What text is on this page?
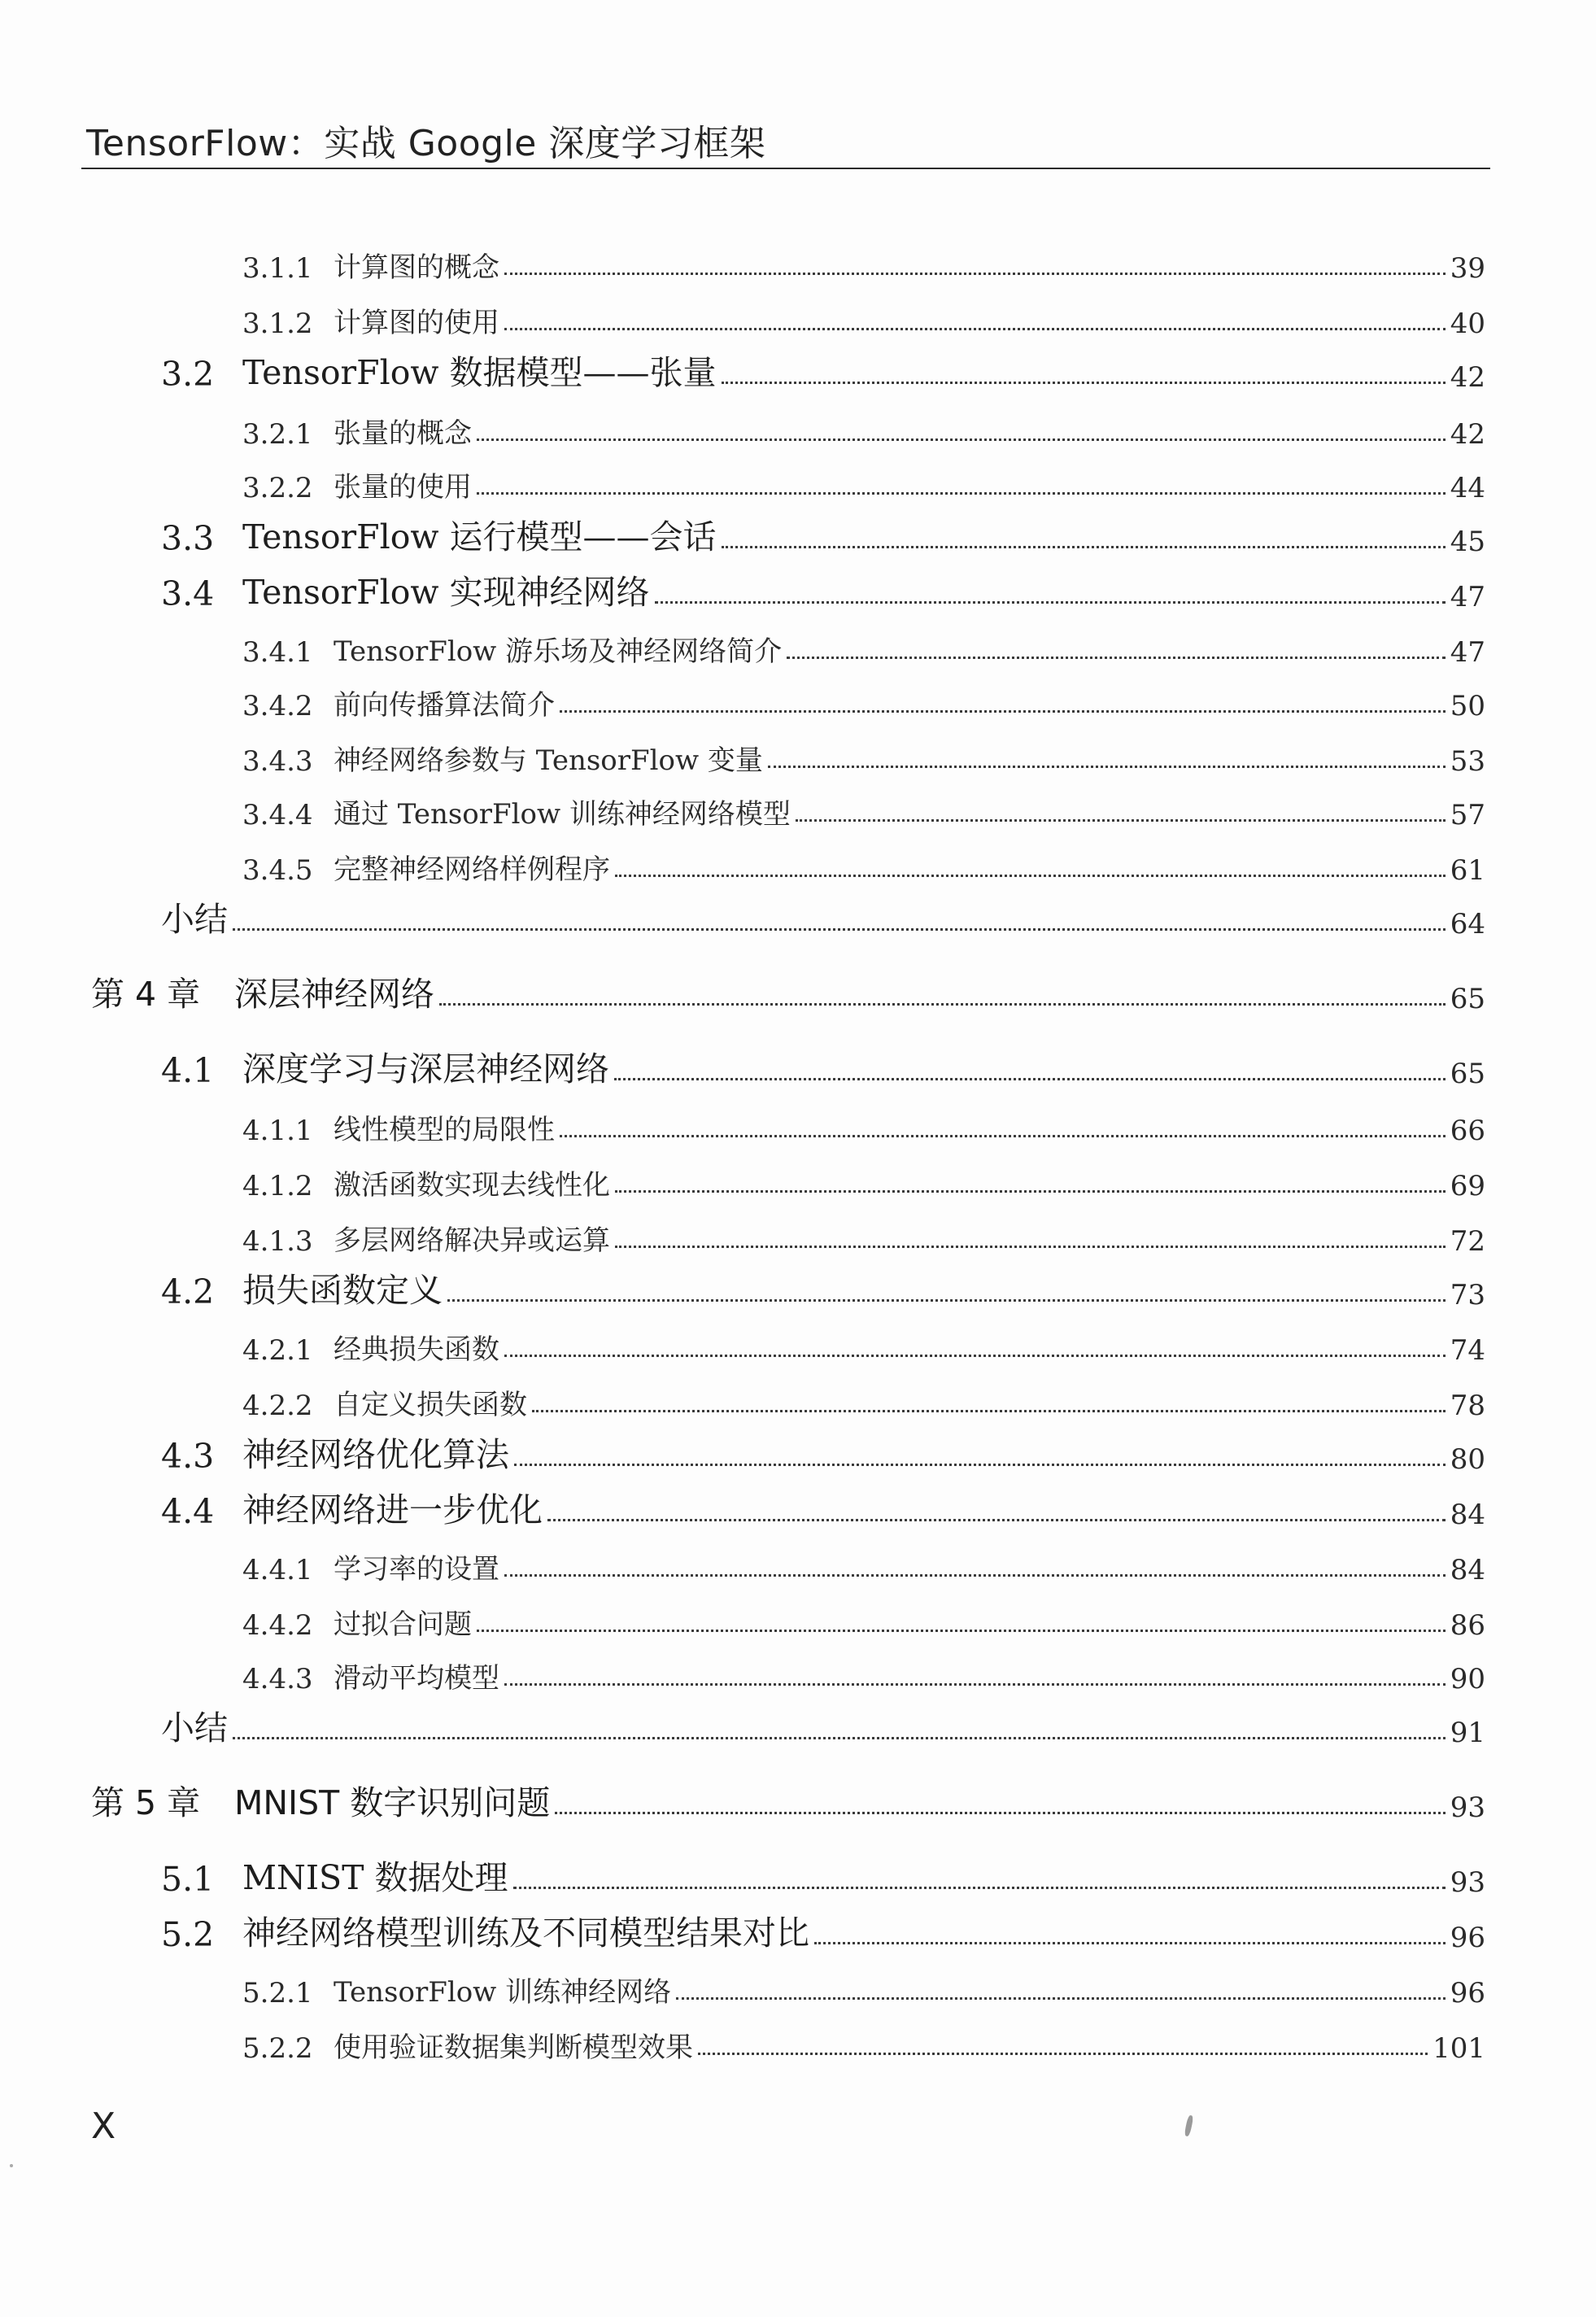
TensorFlow：实战 Google 深度学习框架
3.1.1 计算图的概念	39
3.1.2 计算图的使用	40
3.2 TensorFlow 数据模型——张量	42
3.2.1 张量的概念	42
3.2.2 张量的使用	44
3.3 TensorFlow 运行模型——会话	45
3.4 TensorFlow 实现神经网络	47
3.4.1 TensorFlow 游乐场及神经网络简介	47
3.4.2 前向传播算法简介	50
3.4.3 神经网络参数与 TensorFlow 变量	53
3.4.4 通过 TensorFlow 训练神经网络模型	57
3.4.5 完整神经网络样例程序	61
小结	64
第 4 章	深层神经网络	65
4.1 深度学习与深层神经网络	65
4.1.1 线性模型的局限性	66
4.1.2 激活函数实现去线性化	69
4.1.3 多层网络解决异或运算	72
4.2 损失函数定义	73
4.2.1 经典损失函数	74
4.2.2 自定义损失函数	78
4.3 神经网络优化算法	80
4.4 神经网络进一步优化	84
4.4.1 学习率的设置	84
4.4.2 过拟合问题	86
4.4.3 滑动平均模型	90
小结	91
第 5 章	MNIST 数字识别问题	93
5.1 MNIST 数据处理	93
5.2 神经网络模型训练及不同模型结果对比	96
5.2.1 TensorFlow 训练神经网络	96
5.2.2 使用验证数据集判断模型效果	101
X
